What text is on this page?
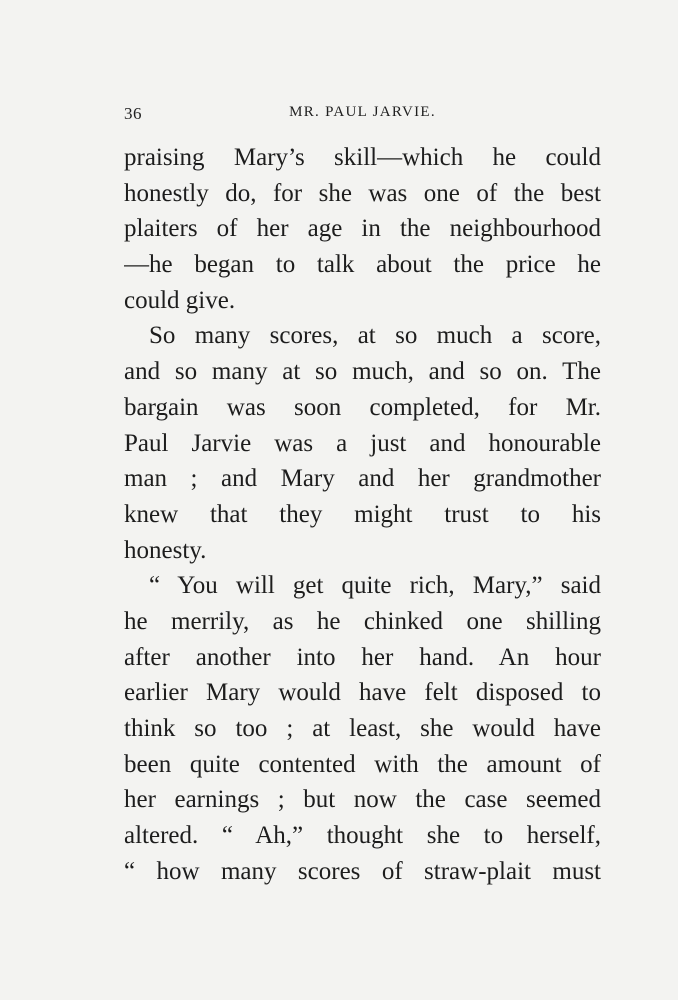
36	MR. PAUL JARVIE.
praising Mary’s skill—which he could
honestly do, for she was one of the best
plaiters of her age in the neighbourhood
—he began to talk about the price he
could give.
So many scores, at so much a score,
and so many at so much, and so on. The
bargain was soon completed, for Mr.
Paul Jarvie was a just and honourable
man ; and Mary and her grandmother
knew that they might trust to his
honesty.
“ You will get quite rich, Mary,” said
he merrily, as he chinked one shilling
after another into her hand. An hour
earlier Mary would have felt disposed to
think so too ; at least, she would have
been quite contented with the amount of
her earnings ; but now the case seemed
altered. “ Ah,” thought she to herself,
“ how many scores of straw-plait must
